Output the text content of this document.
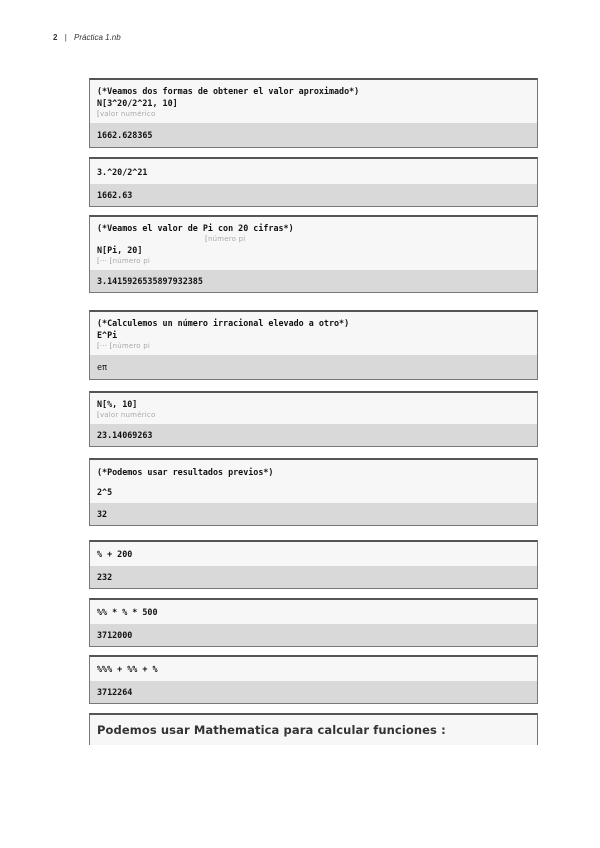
2 | Práctica 1.nb
(*Veamos dos formas de obtener el valor aproximado*)
N[3^20/2^21, 10]
[valor numérico
1662.628365
3.^20/2^21
1662.63
(*Veamos el valor de Pi con 20 cifras*)
[número pi
N[Pi, 20]
[··· [número pi
3.1415926535897932385
(*Calculemos un número irracional elevado a otro*)
E^Pi
[··· [número pi
eπ
N[%, 10]
[valor numérico
23.14069263
(*Podemos usar resultados previos*)
2^5
32
% + 200
232
%% * % * 500
3712000
%%% + %% + %
3712264
Podemos usar Mathematica para calcular funciones :
